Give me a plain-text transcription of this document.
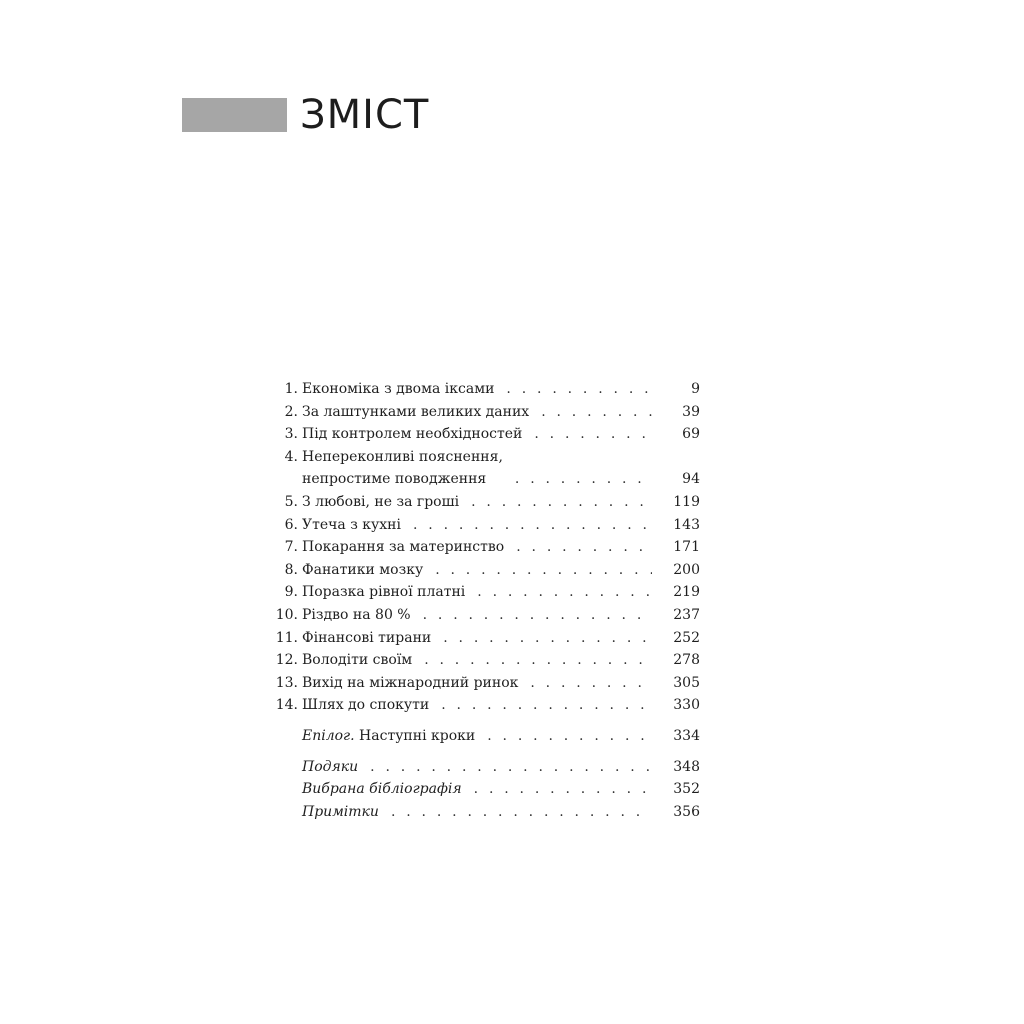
ЗМІСТ
1. Економіка з двома іксами . . .	9
2. За лаштунками великих даних . . .	39
3. Під контролем необхідностей . . .	69
4. Непереконливі пояснення,
непростиме поводження . . .	94
5. З любові, не за гроші . . .	119
6. Утеча з кухні . . .	143
7. Покарання за материнство . . .	171
8. Фанатики мозку . . .	200
9. Поразка рівної платні . . .	219
10. Різдво на 80 % . . .	237
11. Фінансові тирани . . .	252
12. Володіти своїм . . .	278
13. Вихід на міжнародний ринок . . .	305
14. Шлях до спокути . . .	330
Епілог. Наступні кроки . . .	334
Подяки . . .	348
Вибрана бібліографія . . .	352
Примітки . . .	356
